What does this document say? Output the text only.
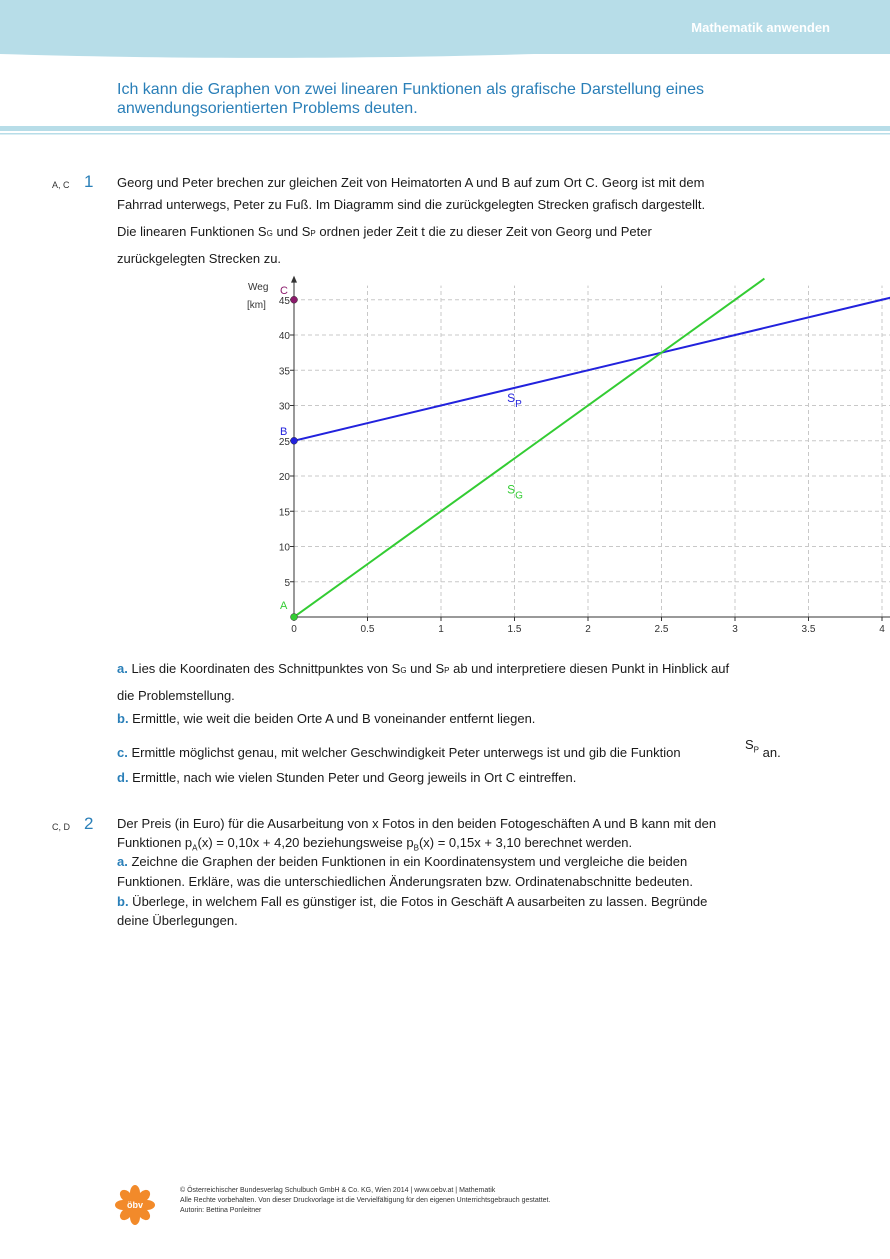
Mathematik anwenden
Ich kann die Graphen von zwei linearen Funktionen als grafische Darstellung eines anwendungsorientierten Problems deuten.
A, C 1 Georg und Peter brechen zur gleichen Zeit von Heimatorten A und B auf zum Ort C. Georg ist mit dem
Fahrrad unterwegs, Peter zu Fuß. Im Diagramm sind die zurückgelegten Strecken grafisch dargestellt.
Die linearen Funktionen SG und SP ordnen jeder Zeit t die zu dieser Zeit von Georg und Peter
zurückgelegten Strecken zu.
0	0.5	1	1.5	2	2.5	3	3.5	4
5
10
15
20
25
30
35
40
45
Weg
[km]
S P
S G
A
B
C
a. Lies die Koordinaten des Schnittpunktes von SG und SP ab und interpretiere diesen Punkt in Hinblick auf
die Problemstellung.
b. Ermittle, wie weit die beiden Orte A und B voneinander entfernt liegen.
c. Ermittle möglichst genau, mit welcher Geschwindigkeit Peter unterwegs ist und gib die Funktion
$S_P$ an.
d. Ermittle, nach wie vielen Stunden Peter und Georg jeweils in Ort C eintreffen.
C, D 2 Der Preis (in Euro) für die Ausarbeitung von x Fotos in den beiden Fotogeschäften A und B kann mit den
Funktionen $p_A(x) = 0,10x + 4,20$ beziehungsweise $p_B(x) = 0,15x + 3,10$ berechnet werden.
a. Zeichne die Graphen der beiden Funktionen in ein Koordinatensystem und vergleiche die beiden
Funktionen. Erkläre, was die unterschiedlichen Änderungsraten bzw. Ordinatenabschnitte bedeuten.
b. Überlege, in welchem Fall es günstiger ist, die Fotos in Geschäft A ausarbeiten zu lassen. Begründe
deine Überlegungen.
öbv
© Österreichischer Bundesverlag Schulbuch GmbH & Co. KG, Wien 2014 | www.oebv.at | Mathematik
Alle Rechte vorbehalten. Von dieser Druckvorlage ist die Vervielfältigung für den eigenen Unterrichtsgebrauch gestattet.
Autorin: Bettina Ponleitner
